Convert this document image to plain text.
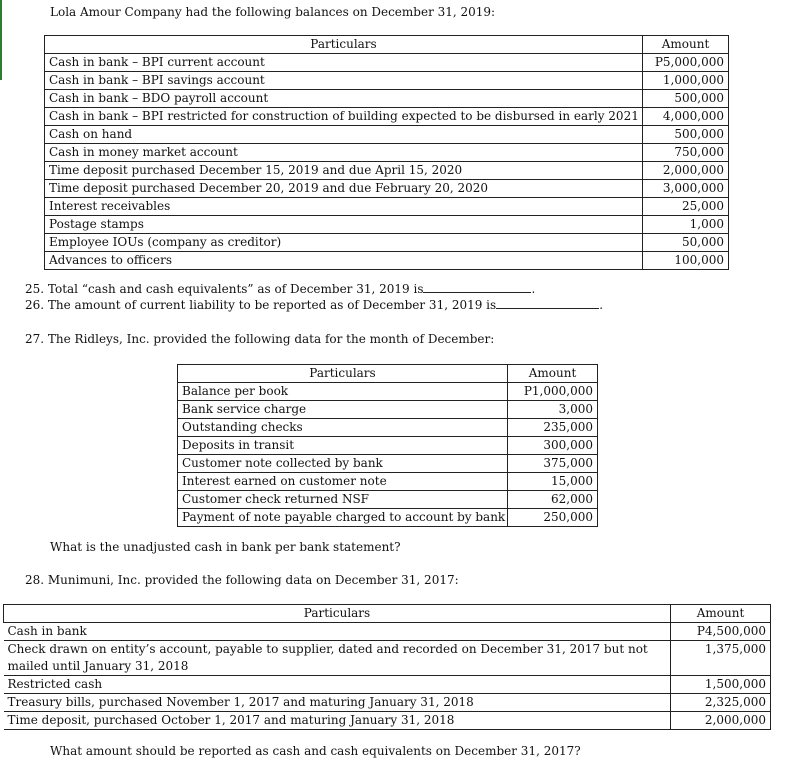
Lola Amour Company had the following balances on December 31, 2019:
Particulars	Amount
Cash in bank – BPI current account	P5,000,000
Cash in bank – BPI savings account	1,000,000
Cash in bank – BDO payroll account	500,000
Cash in bank – BPI restricted for construction of building expected to be disbursed in early 2021	4,000,000
Cash on hand	500,000
Cash in money market account	750,000
Time deposit purchased December 15, 2019 and due April 15, 2020	2,000,000
Time deposit purchased December 20, 2019 and due February 20, 2020	3,000,000
Interest receivables	25,000
Postage stamps	1,000
Employee IOUs (company as creditor)	50,000
Advances to officers	100,000
25. Total “cash and cash equivalents” as of December 31, 2019 is	.
26. The amount of current liability to be reported as of December 31, 2019 is	.
27. The Ridleys, Inc. provided the following data for the month of December:
Particulars	Amount
Balance per book	P1,000,000
Bank service charge	3,000
Outstanding checks	235,000
Deposits in transit	300,000
Customer note collected by bank	375,000
Interest earned on customer note	15,000
Customer check returned NSF	62,000
Payment of note payable charged to account by bank	250,000
What is the unadjusted cash in bank per bank statement?
28. Munimuni, Inc. provided the following data on December 31, 2017:
Particulars	Amount
Cash in bank	P4,500,000

Check drawn on entity’s account, payable to supplier, dated and recorded on December 31, 2017 but not
mailed until January 31, 2018	1,375,000
Restricted cash	1,500,000
Treasury bills, purchased November 1, 2017 and maturing January 31, 2018	2,325,000
Time deposit, purchased October 1, 2017 and maturing January 31, 2018	2,000,000
What amount should be reported as cash and cash equivalents on December 31, 2017?
